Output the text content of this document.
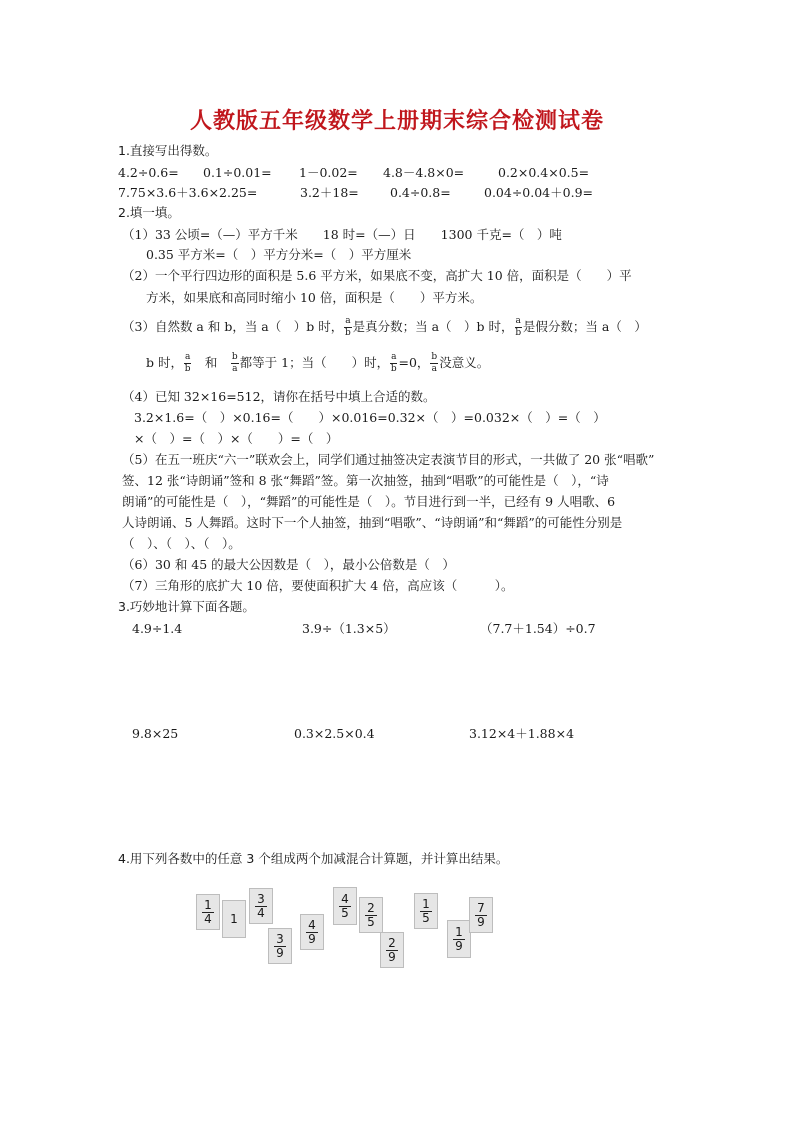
人教版五年级数学上册期末综合检测试卷
1.直接写出得数。
4.2÷0.6= 0.1÷0.01= 1－0.02= 4.8－4.8×0=	0.2×0.4×0.5=
7.75×3.6＋3.6×2.25=	3.2＋18= 0.4÷0.8=	0.04÷0.04＋0.9=
2.填一填。
（1）33 公顷=（—）平方千米　　18 时=（—）日　　1300 千克=（　）吨
0.35 平方米=（　）平方分米=（　）平方厘米
（2）一个平行四边形的面积是 5.6 平方米，如果底不变，高扩大 10 倍，面积是（　　）平
方米，如果底和高同时缩小 10 倍，面积是（　　）平方米。
（3）自然数 a 和 b，当 a（　）b 时， $\frac{a}{b}$ 是真分数；当 a（　）b 时， $\frac{a}{b}$ 是假分数；当 a（　）
b 时， $\frac{a}{b}$
　 和　 $\frac{b}{a}$ 都等于 1；当（　　）时， $\frac{a}{b} =0$， $\frac{b}{a}$ 没意义。
（4）已知 32×16=512，请你在括号中填上合适的数。
3.2×1.6=（　）×0.16=（　　）×0.016=0.32×（　）=0.032×（　）=（　）
×（　）=（　）×（　　）=（　）
（5）在五一班庆“六一”联欢会上，同学们通过抽签决定表演节目的形式，一共做了 20 张“唱歌”
签、12 张“诗朗诵”签和 8 张“舞蹈”签。第一次抽签，抽到“唱歌”的可能性是（　），“诗
朗诵”的可能性是（　），“舞蹈”的可能性是（　）。节目进行到一半，已经有 9 人唱歌、6
人诗朗诵、5 人舞蹈。这时下一个人抽签，抽到“唱歌”、“诗朗诵”和“舞蹈”的可能性分别是
（　）、（　）、（　）。
（6）30 和 45 的最大公因数是（　），最小公倍数是（　）
（7）三角形的底扩大 10 倍，要使面积扩大 4 倍，高应该（　　　）。
3.巧妙地计算下面各题。
4.9÷1.4	3.9÷（1.3×5）	（7.7＋1.54）÷0.7
9.8×25	0.3×2.5×0.4	3.12×4＋1.88×4
4.用下列各数中的任意 3 个组成两个加减混合计算题，并计算出结果。
1
4 1
3
4
3
9
4
9
4
5 2
5
2
9
1
5
1
9
7
9
